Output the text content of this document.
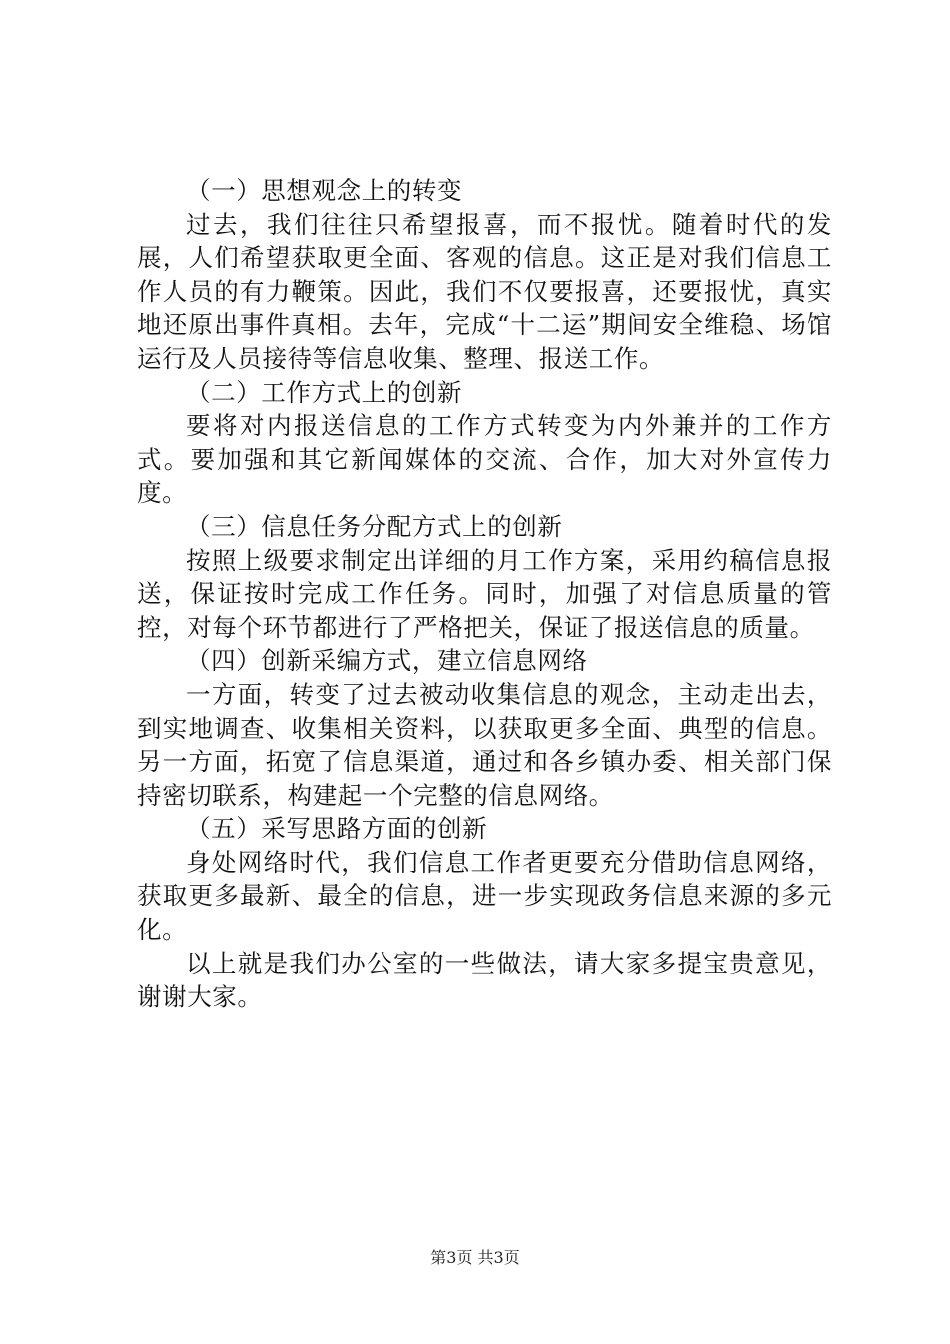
（一）思想观念上的转变

过去，我们往往只希望报喜，而不报忧。随着时代的发展，人们希望获取更全面、客观的信息。这正是对我们信息工作人员的有力鞭策。因此，我们不仅要报喜，还要报忧，真实地还原出事件真相。去年，完成“十二运”期间安全维稳、场馆运行及人员接待等信息收集、整理、报送工作。

（二）工作方式上的创新

要将对内报送信息的工作方式转变为内外兼并的工作方式。要加强和其它新闻媒体的交流、合作，加大对外宣传力度。

（三）信息任务分配方式上的创新

按照上级要求制定出详细的月工作方案，采用约稿信息报送，保证按时完成工作任务。同时，加强了对信息质量的管控，对每个环节都进行了严格把关，保证了报送信息的质量。

（四）创新采编方式，建立信息网络

一方面，转变了过去被动收集信息的观念，主动走出去，到实地调查、收集相关资料，以获取更多全面、典型的信息。另一方面，拓宽了信息渠道，通过和各乡镇办委、相关部门保持密切联系，构建起一个完整的信息网络。

（五）采写思路方面的创新

身处网络时代，我们信息工作者更要充分借助信息网络，获取更多最新、最全的信息，进一步实现政务信息来源的多元化。

以上就是我们办公室的一些做法，请大家多提宝贵意见，谢谢大家。

第3页 共3页
